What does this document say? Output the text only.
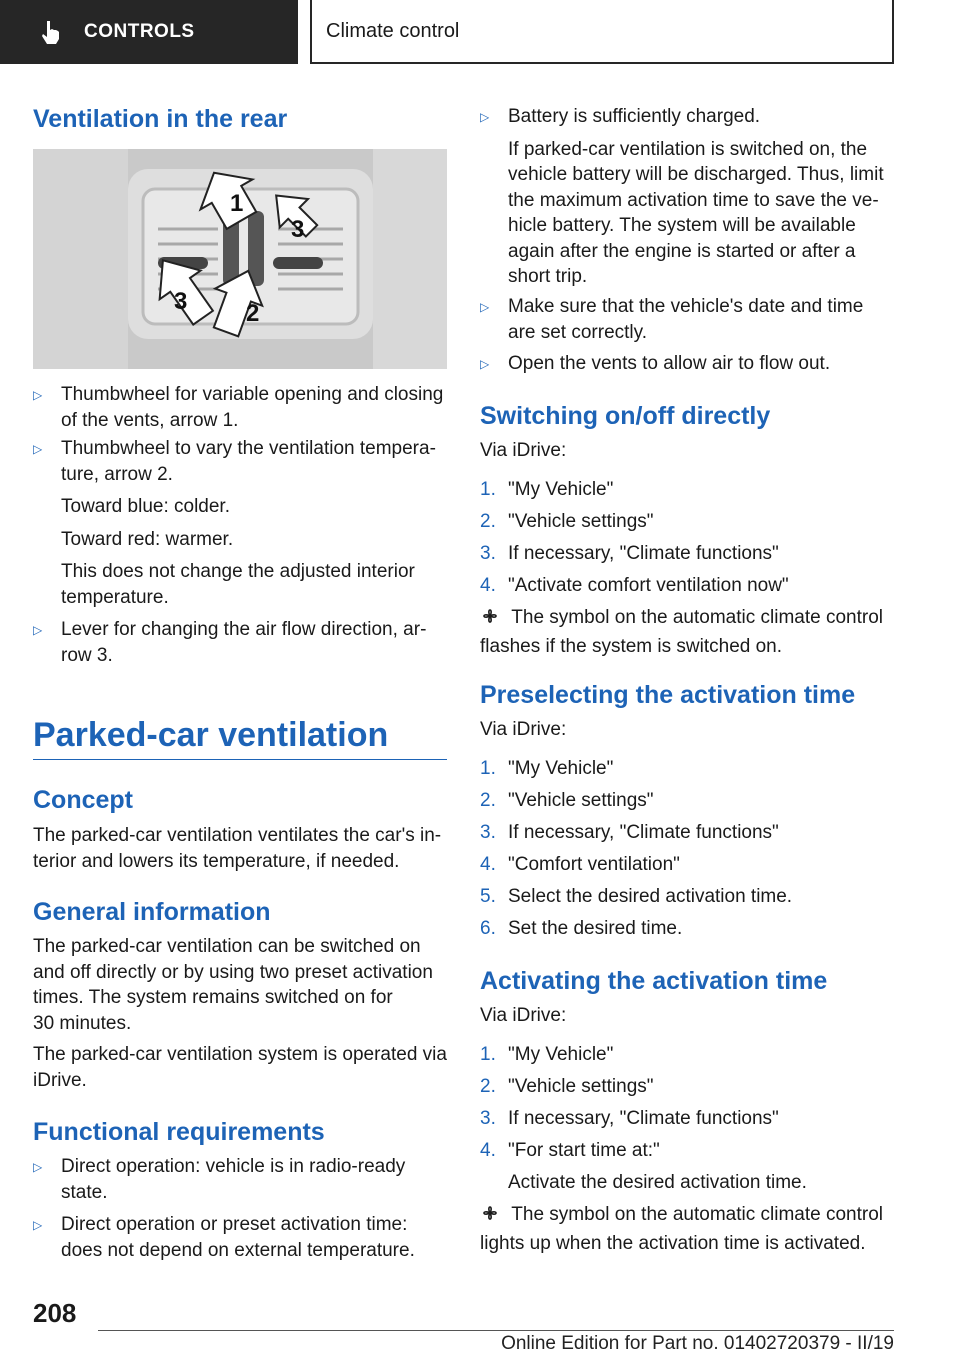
CONTROLS	Climate control
Ventilation in the rear
1
2
3
3
▷ Thumbwheel for variable opening and closing
of the vents, arrow 1.
▷ Thumbwheel to vary the ventilation tempera-
ture, arrow 2.
Toward blue: colder.
Toward red: warmer.
This does not change the adjusted interior
temperature.
▷ Lever for changing the air flow direction, ar-
row 3.
Parked-car ventilation
Concept
The parked-car ventilation ventilates the car's in-
terior and lowers its temperature, if needed.
General information
The parked-car ventilation can be switched on
and off directly or by using two preset activation
times. The system remains switched on for
30 minutes.
The parked-car ventilation system is operated via
iDrive.
Functional requirements
▷ Direct operation: vehicle is in radio-ready
state.
▷ Direct operation or preset activation time:
does not depend on external temperature.
▷ Battery is sufficiently charged.
If parked-car ventilation is switched on, the
vehicle battery will be discharged. Thus, limit
the maximum activation time to save the ve-
hicle battery. The system will be available
again after the engine is started or after a
short trip.
▷ Make sure that the vehicle's date and time
are set correctly.
▷ Open the vents to allow air to flow out.
Switching on/off directly
Via iDrive:
1. "My Vehicle"
2. "Vehicle settings"
3. If necessary, "Climate functions"
4. "Activate comfort ventilation now"
The symbol on the automatic climate control
flashes if the system is switched on.
Preselecting the activation time
Via iDrive:
1. "My Vehicle"
2. "Vehicle settings"
3. If necessary, "Climate functions"
4. "Comfort ventilation"
5. Select the desired activation time.
6. Set the desired time.
Activating the activation time
Via iDrive:
1. "My Vehicle"
2. "Vehicle settings"
3. If necessary, "Climate functions"
4. "For start time at:"
Activate the desired activation time.
The symbol on the automatic climate control
lights up when the activation time is activated.
208
Online Edition for Part no. 01402720379 - II/19
